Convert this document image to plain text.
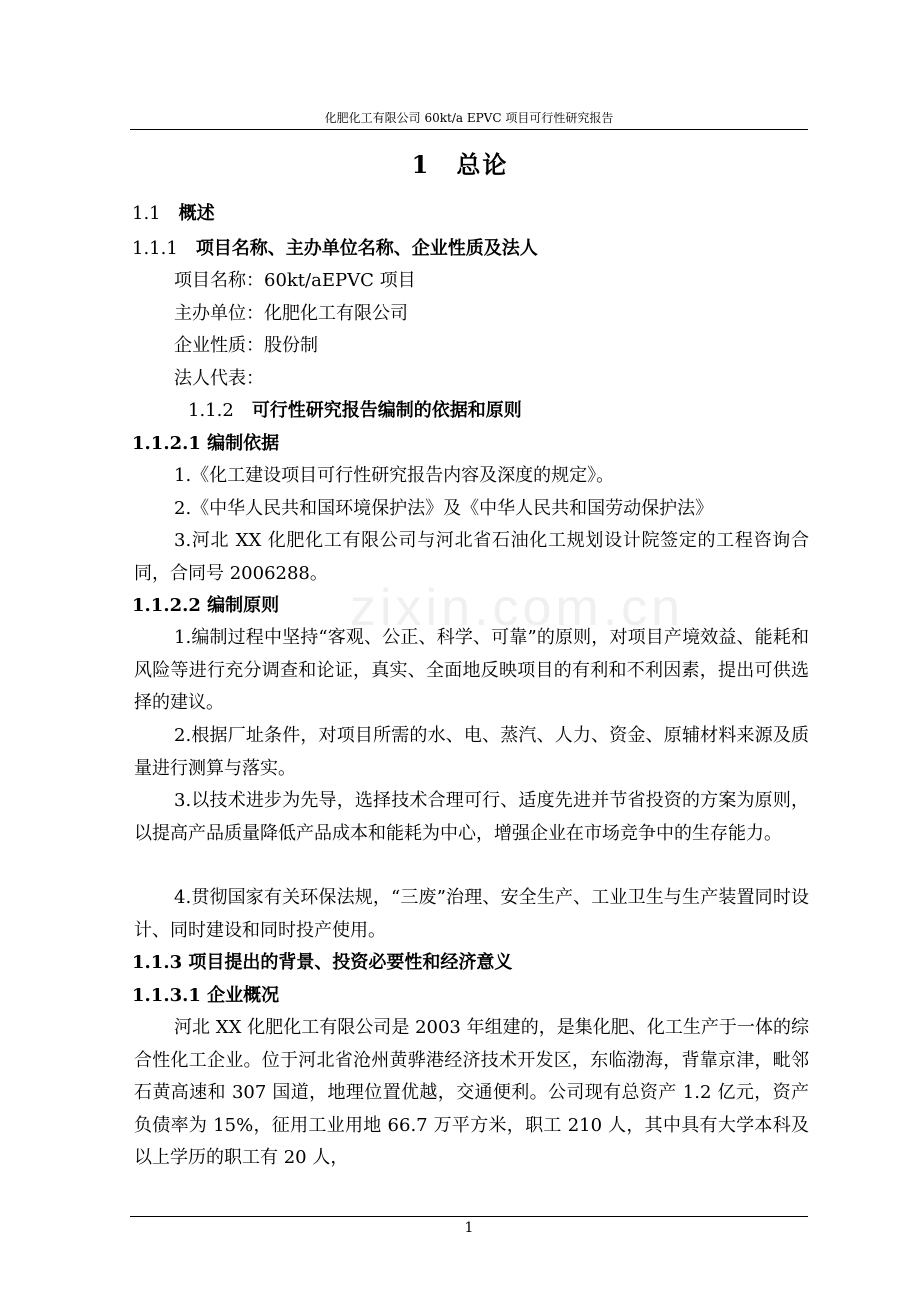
化肥化工有限公司 60kt/a EPVC 项目可行性研究报告
1 总论
1.1 概述
1.1.1 项目名称、主办单位名称、企业性质及法人
项目名称：60kt/aEPVC 项目
主办单位：化肥化工有限公司
企业性质：股份制
法人代表：
1.1.2 可行性研究报告编制的依据和原则
1.1.2.1 编制依据
1.《化工建设项目可行性研究报告内容及深度的规定》。
2.《中华人民共和国环境保护法》及《中华人民共和国劳动保护法》
3.河北 XX 化肥化工有限公司与河北省石油化工规划设计院签定的工程咨询合同，合同号 2006288。
1.1.2.2 编制原则
1.编制过程中坚持“客观、公正、科学、可靠”的原则，对项目产境效益、能耗和风险等进行充分调查和论证，真实、全面地反映项目的有利和不利因素，提出可供选择的建议。
2.根据厂址条件，对项目所需的水、电、蒸汽、人力、资金、原辅材料来源及质量进行测算与落实。
3.以技术进步为先导，选择技术合理可行、适度先进并节省投资的方案为原则，以提高产品质量降低产品成本和能耗为中心，增强企业在市场竞争中的生存能力。
4.贯彻国家有关环保法规，“三废”治理、安全生产、工业卫生与生产装置同时设计、同时建设和同时投产使用。
1.1.3 项目提出的背景、投资必要性和经济意义
1.1.3.1 企业概况
河北 XX 化肥化工有限公司是 2003 年组建的，是集化肥、化工生产于一体的综合性化工企业。位于河北省沧州黄骅港经济技术开发区，东临渤海，背靠京津，毗邻石黄高速和 307 国道，地理位置优越，交通便利。公司现有总资产 1.2 亿元，资产负债率为 15%，征用工业用地 66.7 万平方米，职工 210 人，其中具有大学本科及以上学历的职工有 20 人，
zixin.com.cn
1
